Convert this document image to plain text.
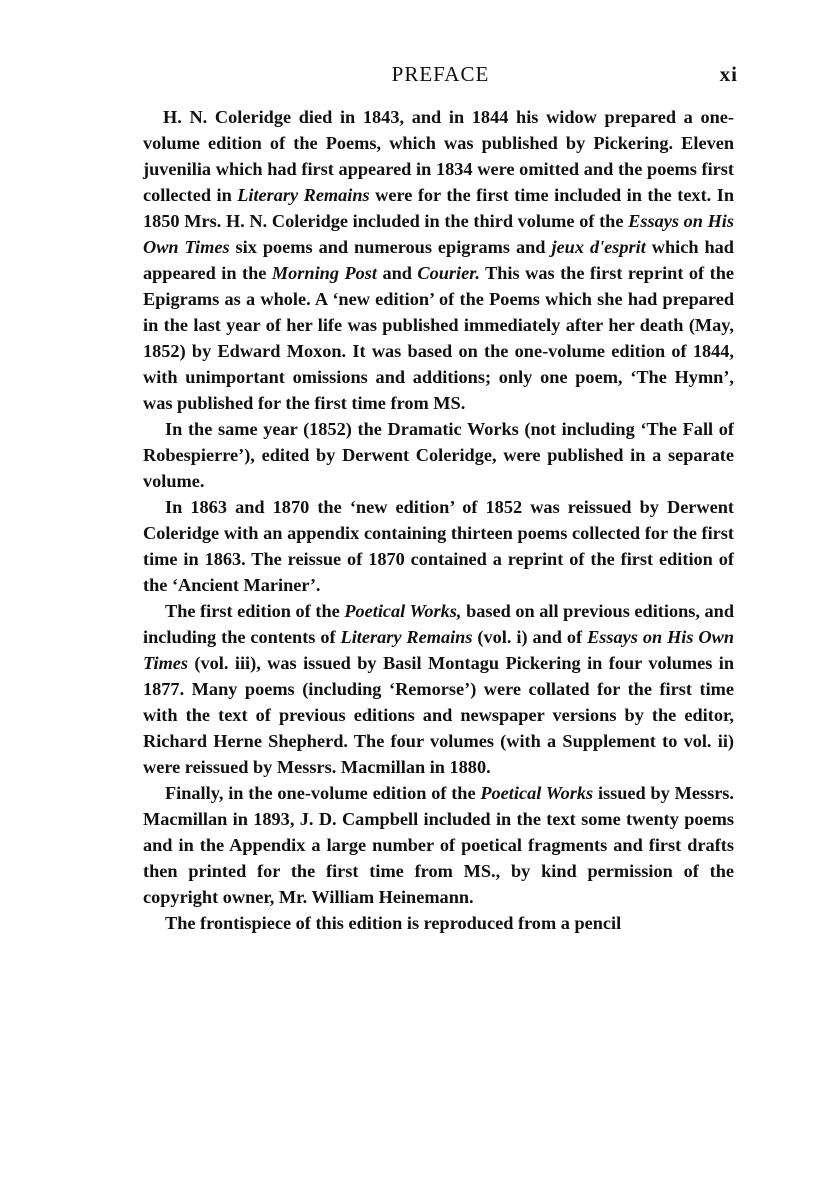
PREFACE	xi

H. N. Coleridge died in 1843, and in 1844 his widow prepared a one-volume edition of the Poems, which was published by Pickering. Eleven juvenilia which had first appeared in 1834 were omitted and the poems first collected in Literary Remains were for the first time included in the text. In 1850 Mrs. H. N. Coleridge included in the third volume of the Essays on His Own Times six poems and numerous epigrams and jeux d'esprit which had appeared in the Morning Post and Courier. This was the first reprint of the Epigrams as a whole. A ‘new edition’ of the Poems which she had prepared in the last year of her life was published immediately after her death (May, 1852) by Edward Moxon. It was based on the one-volume edition of 1844, with unimportant omissions and additions; only one poem, ‘The Hymn’, was published for the first time from MS.

In the same year (1852) the Dramatic Works (not including ‘The Fall of Robespierre’), edited by Derwent Coleridge, were published in a separate volume.

In 1863 and 1870 the ‘new edition’ of 1852 was reissued by Derwent Coleridge with an appendix containing thirteen poems collected for the first time in 1863. The reissue of 1870 contained a reprint of the first edition of the ‘Ancient Mariner’.

The first edition of the Poetical Works, based on all previous editions, and including the contents of Literary Remains (vol. i) and of Essays on His Own Times (vol. iii), was issued by Basil Montagu Pickering in four volumes in 1877. Many poems (including ‘Remorse’) were collated for the first time with the text of previous editions and newspaper versions by the editor, Richard Herne Shepherd. The four volumes (with a Supplement to vol. ii) were reissued by Messrs. Macmillan in 1880.

Finally, in the one-volume edition of the Poetical Works issued by Messrs. Macmillan in 1893, J. D. Campbell included in the text some twenty poems and in the Appendix a large number of poetical fragments and first drafts then printed for the first time from MS., by kind permission of the copyright owner, Mr. William Heinemann.

The frontispiece of this edition is reproduced from a pencil
